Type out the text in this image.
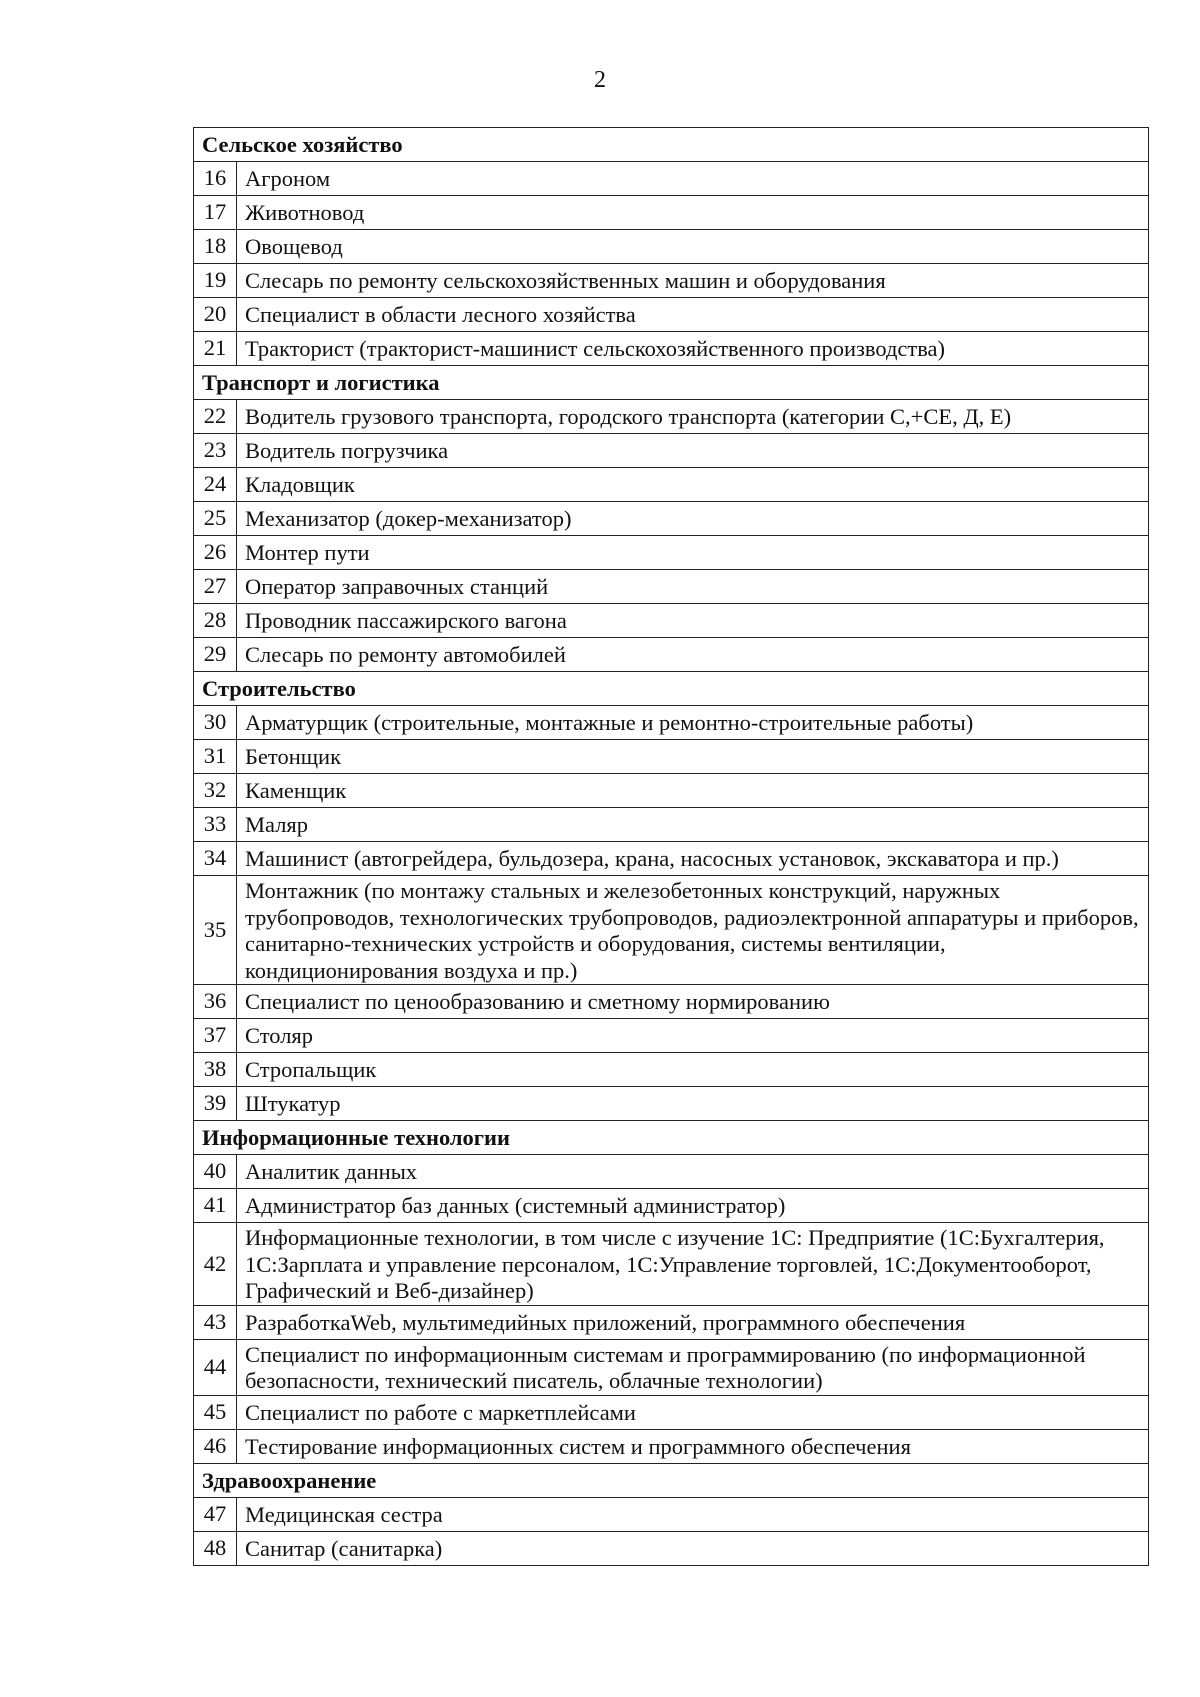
2
Сельское хозяйство	
16	Агроном
17	Животновод
18	Овощевод
19	Слесарь по ремонту сельскохозяйственных машин и оборудования
20	Специалист в области лесного хозяйства
21	Тракторист (тракторист-машинист сельскохозяйственного производства)
Транспорт и логистика	
22	Водитель грузового транспорта, городского транспорта (категории С,+СЕ, Д, Е)
23	Водитель погрузчика
24	Кладовщик
25	Механизатор (докер-механизатор)
26	Монтер пути
27	Оператор заправочных станций
28	Проводник пассажирского вагона
29	Слесарь по ремонту автомобилей
Строительство	
30	Арматурщик (строительные, монтажные и ремонтно-строительные работы)
31	Бетонщик
32	Каменщик
33	Маляр
34	Машинист (автогрейдера, бульдозера, крана, насосных установок, экскаватора и пр.)
35	Монтажник (по монтажу стальных и железобетонных конструкций, наружных трубопроводов, технологических трубопроводов, радиоэлектронной аппаратуры и приборов, санитарно-технических устройств и оборудования, системы вентиляции, кондиционирования воздуха и пр.)
36	Специалист по ценообразованию и сметному нормированию
37	Столяр
38	Стропальщик
39	Штукатур
Информационные технологии	
40	Аналитик данных
41	Администратор баз данных (системный администратор)
42	Информационные технологии, в том числе с изучение 1С: Предприятие (1С:Бухгалтерия, 1С:Зарплата и управление персоналом, 1С:Управление торговлей, 1С:Документооборот, Графический и Веб-дизайнер)
43	РазработкаWeb, мультимедийных приложений, программного обеспечения
44	Специалист по информационным системам и программированию (по информационной безопасности, технический писатель, облачные технологии)
45	Специалист по работе с маркетплейсами
46	Тестирование информационных систем и программного обеспечения
Здравоохранение	
47	Медицинская сестра
48	Санитар (санитарка)
